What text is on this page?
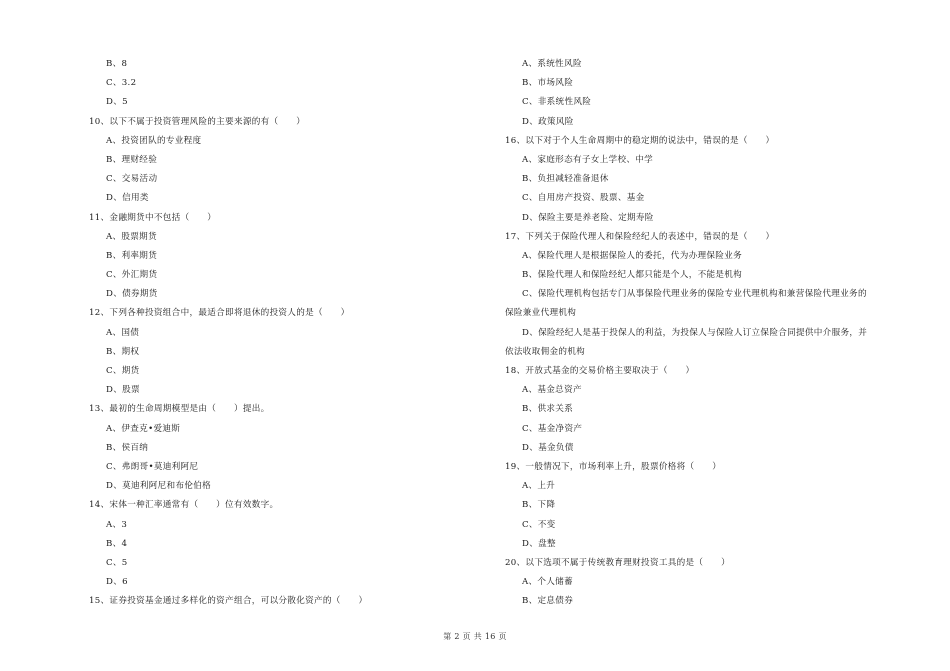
B、8
C、3.2
D、5
10、以下不属于投资管理风险的主要来源的有（　　）
A、投资团队的专业程度
B、理财经验
C、交易活动
D、信用类
11、金融期货中不包括（　　）
A、股票期货
B、利率期货
C、外汇期货
D、债券期货
12、下列各种投资组合中，最适合即将退休的投资人的是（　　）
A、国债
B、期权
C、期货
D、股票
13、最初的生命周期模型是由（　　）提出。
A、伊查克•爱迪斯
B、侯百纳
C、弗朗哥•莫迪利阿尼
D、莫迪利阿尼和布伦伯格
14、宋体一种汇率通常有（　　）位有效数字。
A、3
B、4
C、5
D、6
15、证券投资基金通过多样化的资产组合，可以分散化资产的（　　）
A、系统性风险
B、市场风险
C、非系统性风险
D、政策风险
16、以下对于个人生命周期中的稳定期的说法中，错误的是（　　）
A、家庭形态有子女上学校、中学
B、负担减轻准备退休
C、自用房产投资、股票、基金
D、保险主要是养老险、定期寿险
17、下列关于保险代理人和保险经纪人的表述中，错误的是（　　）
A、保险代理人是根据保险人的委托，代为办理保险业务
B、保险代理人和保险经纪人都只能是个人，不能是机构
C、保险代理机构包括专门从事保险代理业务的保险专业代理机构和兼营保险代理业务的
保险兼业代理机构
D、保险经纪人是基于投保人的利益，为投保人与保险人订立保险合同提供中介服务，并
依法收取佣金的机构
18、开放式基金的交易价格主要取决于（　　）
A、基金总资产
B、供求关系
C、基金净资产
D、基金负债
19、一般情况下，市场利率上升，股票价格将（　　）
A、上升
B、下降
C、不变
D、盘整
20、以下选项不属于传统教育理财投资工具的是（　　）
A、个人储蓄
B、定息债券
第 2 页 共 16 页
